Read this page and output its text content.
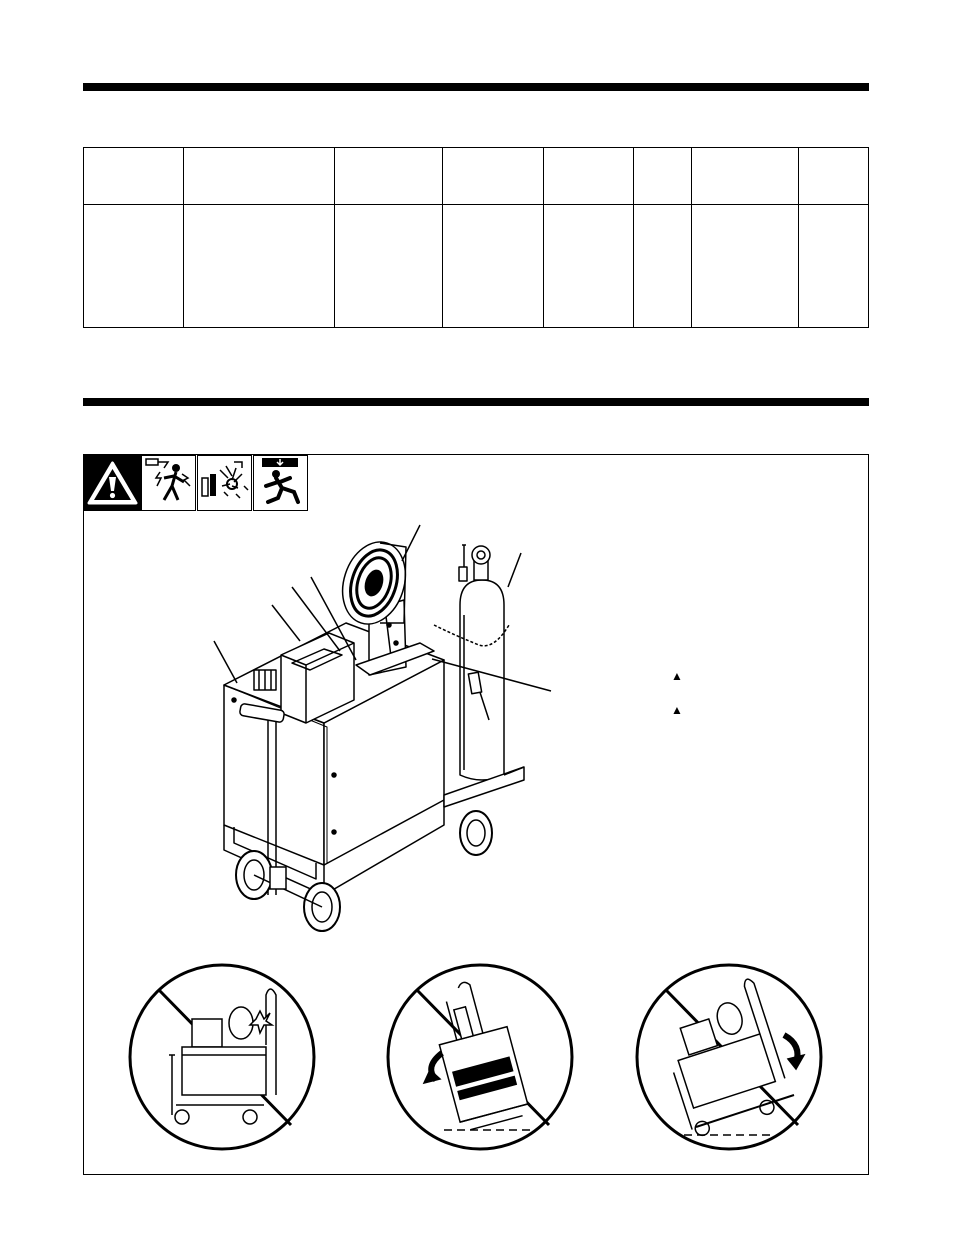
▲
▲
